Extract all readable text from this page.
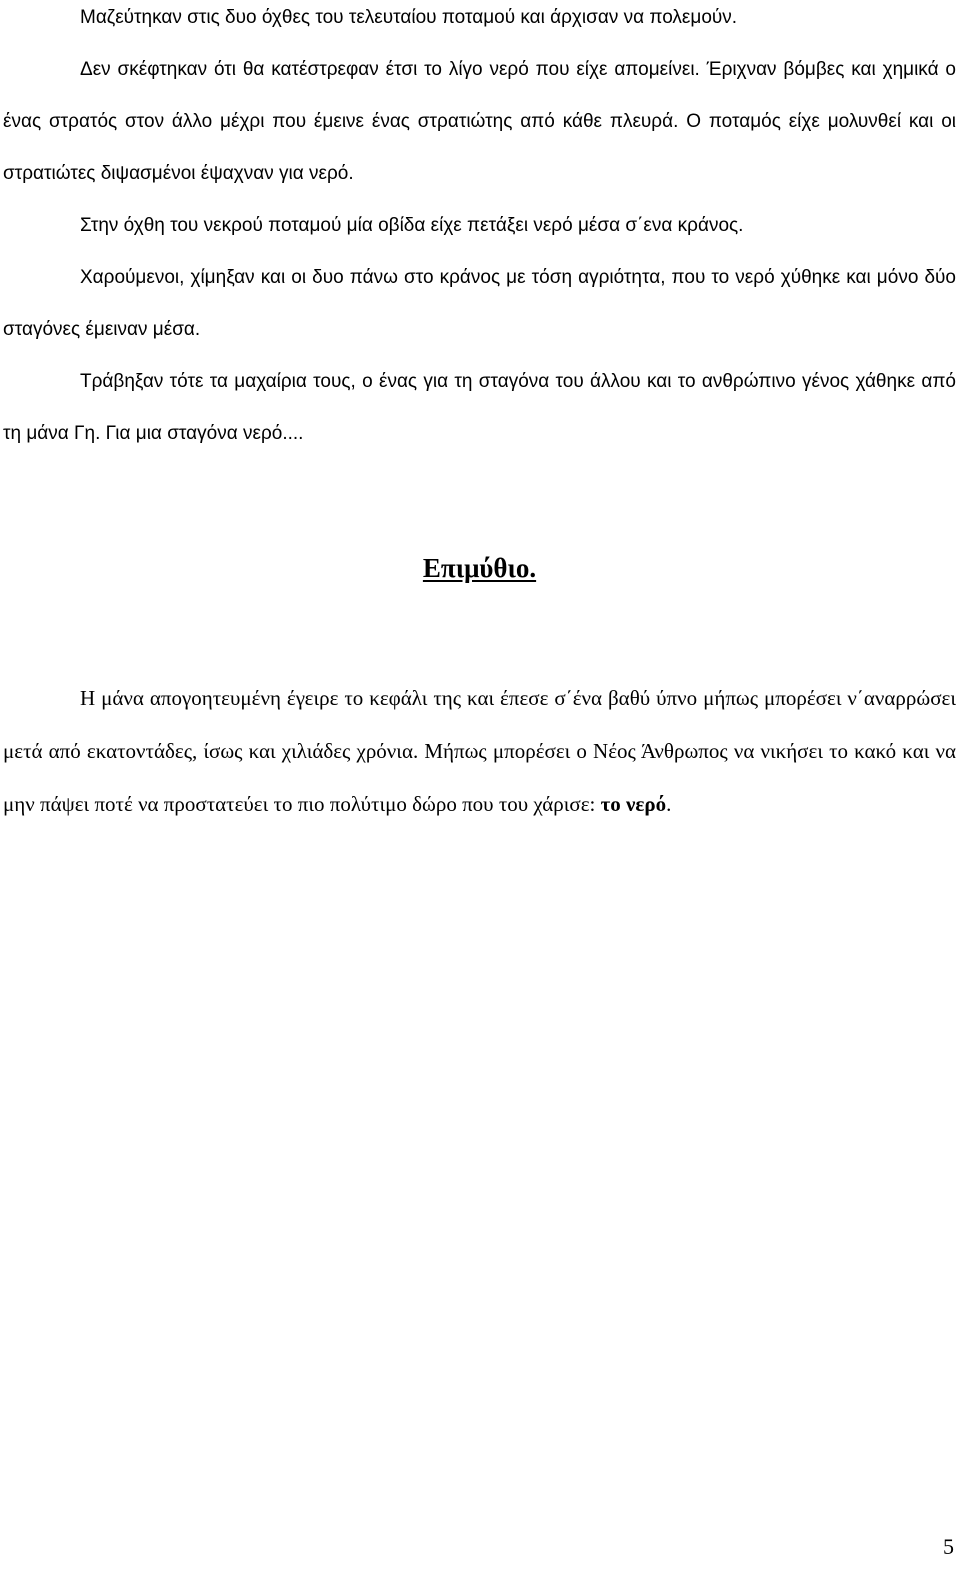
Μαζεύτηκαν στις δυο όχθες του τελευταίου ποταμού και άρχισαν να πολεμούν.

Δεν σκέφτηκαν ότι θα κατέστρεφαν έτσι το λίγο νερό που είχε απομείνει. Έριχναν βόμβες και χημικά ο ένας στρατός στον άλλο μέχρι που έμεινε ένας στρατιώτης από κάθε πλευρά. Ο ποταμός είχε μολυνθεί και οι στρατιώτες διψασμένοι έψαχναν για νερό.

Στην όχθη του νεκρού ποταμού μία οβίδα είχε πετάξει νερό μέσα σ΄ενα κράνος.

Χαρούμενοι, χίμηξαν και οι δυο πάνω στο κράνος με τόση αγριότητα, που το νερό χύθηκε και μόνο δύο σταγόνες έμειναν μέσα.

Τράβηξαν τότε τα μαχαίρια τους, ο ένας για τη σταγόνα του άλλου και το ανθρώπινο γένος χάθηκε από τη μάνα Γη. Για μια σταγόνα νερό....

Επιμύθιο.

Η μάνα απογοητευμένη έγειρε το κεφάλι της και έπεσε σ΄ένα βαθύ ύπνο μήπως μπορέσει ν΄αναρρώσει μετά από εκατοντάδες, ίσως και χιλιάδες χρόνια. Μήπως μπορέσει ο Νέος Άνθρωπος να νικήσει το κακό και να μην πάψει ποτέ να προστατεύει το πιο πολύτιμο δώρο που του χάρισε: το νερό.

5
